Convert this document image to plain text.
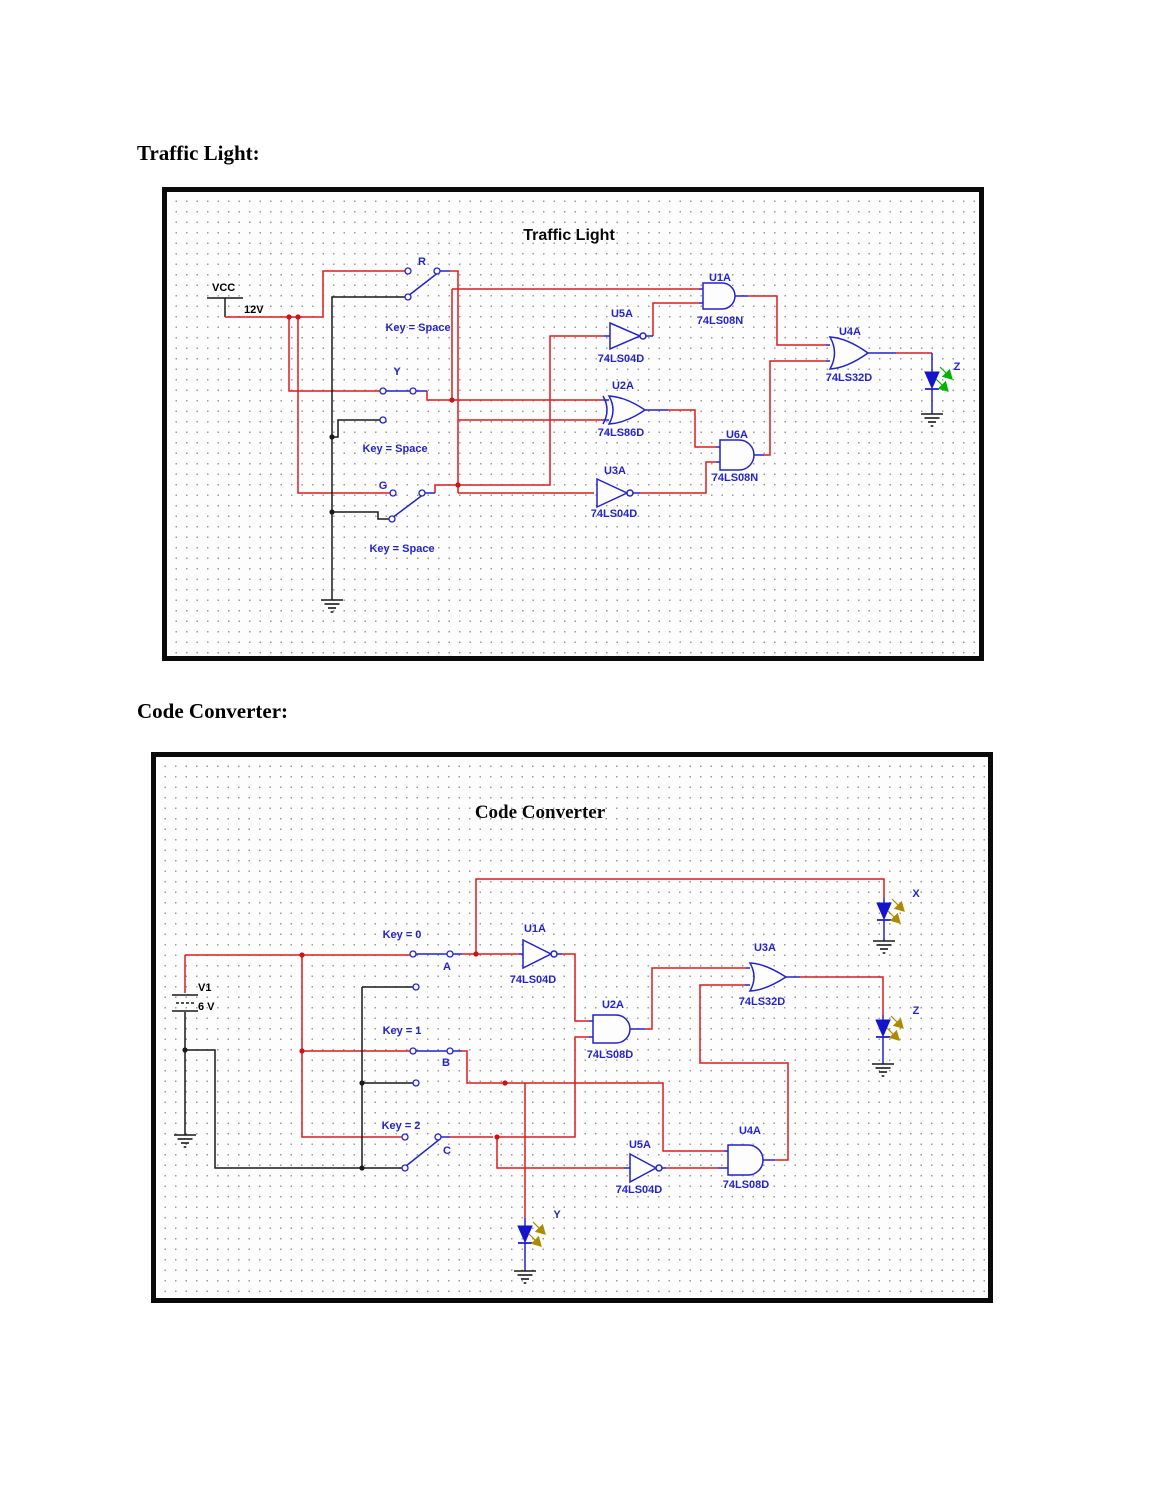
Traffic Light:
Traffic Light
VCC
12V
R
Key = Space
Y
Key = Space
G
Key = Space
U1A
74LS08N
U5A
74LS04D
U2A
74LS86D
U3A
74LS04D
U6A
74LS08N
U4A
74LS32D
Z
Code Converter:
Code Converter
V1
6 V
Key = 0
A
Key = 1
B
Key = 2
C
U1A
74LS04D
U2A
74LS08D
U3A
74LS32D
U5A
74LS04D
U4A
74LS08D
X
Z
Y
